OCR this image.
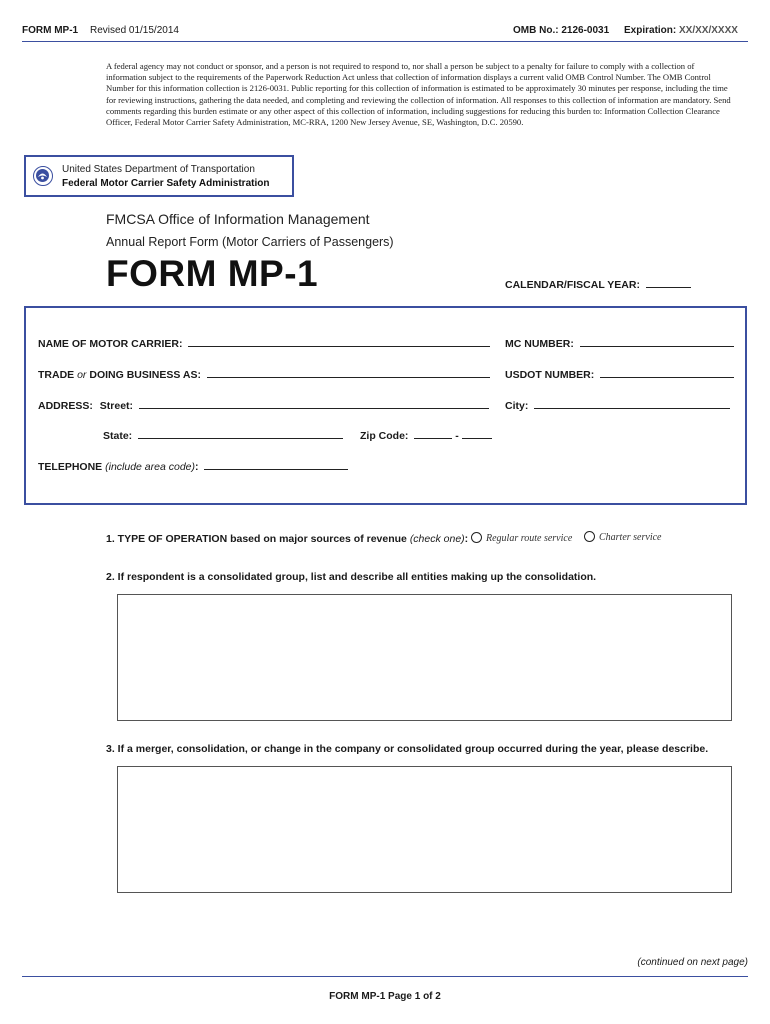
FORM MP-1 Revised 01/15/2014	OMB No.: 2126-0031 Expiration: XX/XX/XXXX
A federal agency may not conduct or sponsor, and a person is not required to respond to, nor shall a person be subject to a penalty for failure to comply with a collection of information subject to the requirements of the Paperwork Reduction Act unless that collection of information displays a current valid OMB Control Number. The OMB Control Number for this information collection is 2126-0031. Public reporting for this collection of information is estimated to be approximately 30 minutes per response, including the time for reviewing instructions, gathering the data needed, and completing and reviewing the collection of information. All responses to this collection of information are mandatory. Send comments regarding this burden estimate or any other aspect of this collection of information, including suggestions for reducing this burden to: Information Collection Clearance Officer, Federal Motor Carrier Safety Administration, MC-RRA, 1200 New Jersey Avenue, SE, Washington, D.C. 20590.
United States Department of Transportation
Federal Motor Carrier Safety Administration
FMCSA Office of Information Management
Annual Report Form (Motor Carriers of Passengers)
FORM MP-1	CALENDAR/FISCAL YEAR:
NAME OF MOTOR CARRIER:	MC NUMBER:
TRADE or DOING BUSINESS AS:	USDOT NUMBER:
ADDRESS: Street:	City:
State:	Zip Code:	-
TELEPHONE (include area code):
1. TYPE OF OPERATION based on major sources of revenue (check one): Regular route service	Charter service
2. If respondent is a consolidated group, list and describe all entities making up the consolidation.
3. If a merger, consolidation, or change in the company or consolidated group occurred during the year, please describe.
(continued on next page)
FORM MP-1 Page 1 of 2
